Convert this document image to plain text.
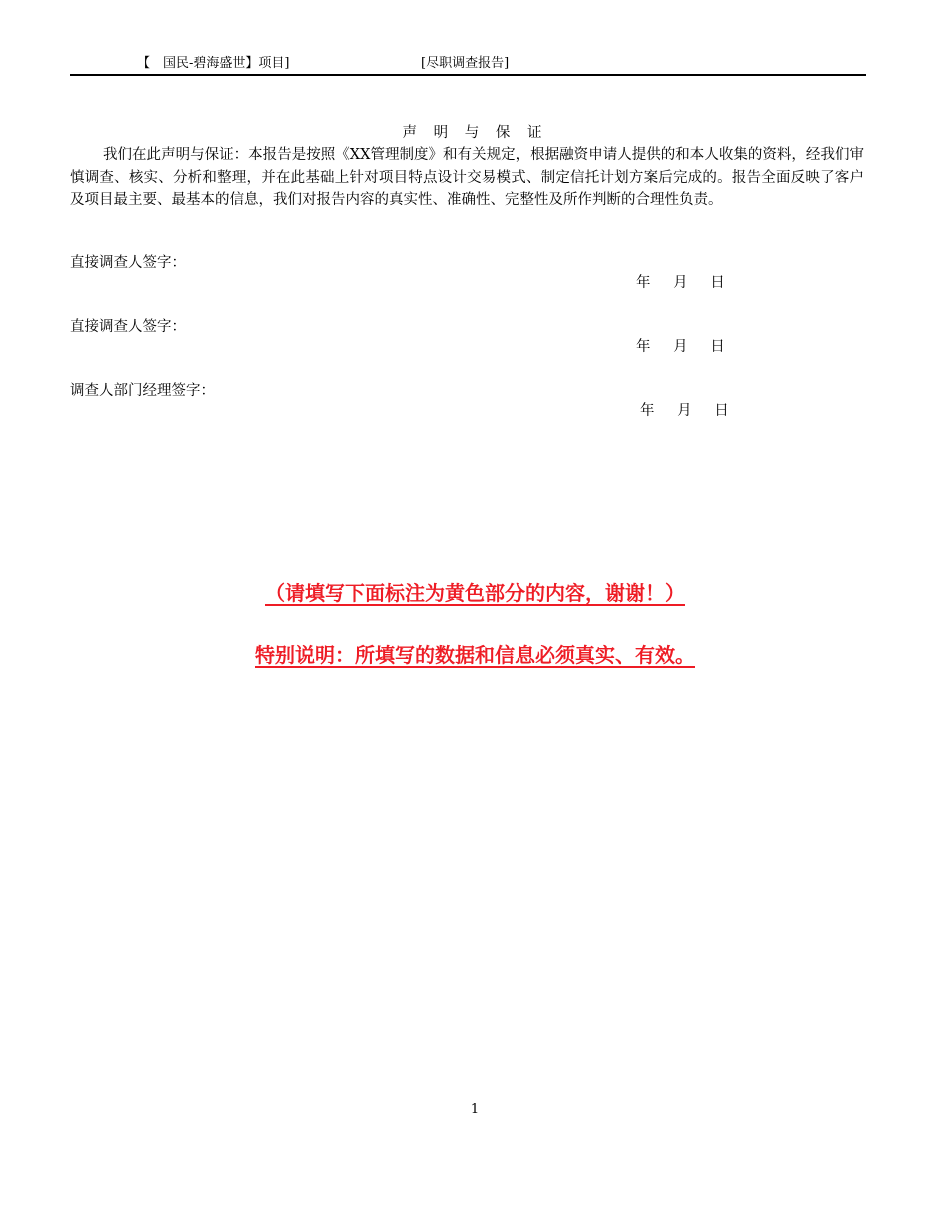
【　国民-碧海盛世】项目]	[尽职调查报告]
声 明 与 保 证

我们在此声明与保证：本报告是按照《XX管理制度》和有关规定，根据融资申请人提供的和本人收集的资料，经我们审慎调查、核实、分析和整理，并在此基础上针对项目特点设计交易模式、制定信托计划方案后完成的。报告全面反映了客户及项目最主要、最基本的信息，我们对报告内容的真实性、准确性、完整性及所作判断的合理性负责。

直接调查人签字：
年 月 日
直接调查人签字：
年 月 日
调查人部门经理签字：
年 月 日
（请填写下面标注为黄色部分的内容，谢谢！）
特别说明：所填写的数据和信息必须真实、有效。
1
